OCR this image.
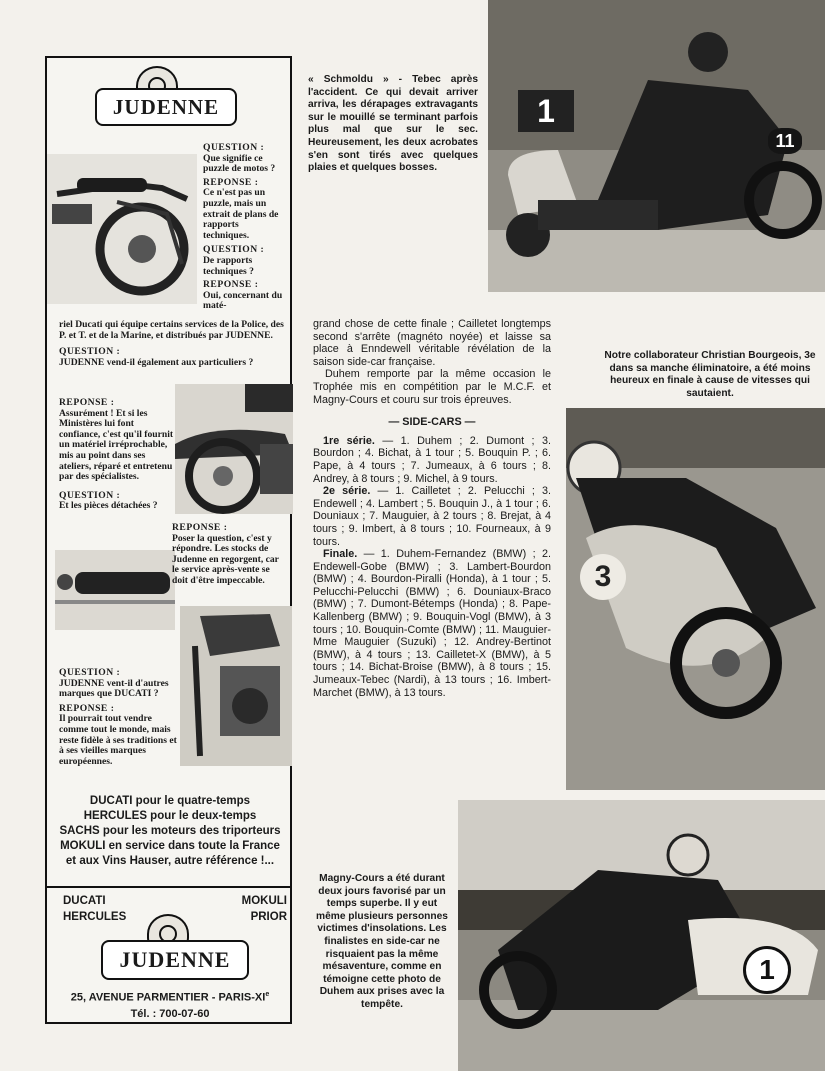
JUDENNE
QUESTION :
Que signifie ce puzzle de motos ?
REPONSE :
Ce n'est pas un puzzle, mais un extrait de plans de rapports techniques.
QUESTION :
De rapports techniques ?
REPONSE :
Oui, concernant du maté-
riel Ducati qui équipe certains services de la Police, des P. et T. et de la Marine, et distribués par JUDENNE.
QUESTION :
JUDENNE vend-il également aux particuliers ?
REPONSE :
Assurément ! Et si les Ministères lui font confiance, c'est qu'il fournit un matériel irréprochable, mis au point dans ses ateliers, réparé et entretenu par des spécialistes.
QUESTION :
Et les pièces détachées ?
REPONSE :
Poser la question, c'est y répondre. Les stocks de Judenne en regorgent, car le service après-vente se doit d'être impeccable.
QUESTION :
JUDENNE vent-il d'autres marques que DUCATI ?
REPONSE :
Il pourrait tout vendre comme tout le monde, mais reste fidèle à ses traditions et à ses vieilles marques européennes.
DUCATI pour le quatre-temps
HERCULES pour le deux-temps
SACHS pour les moteurs des triporteurs MOKULI en service dans toute la France et aux Vins Hauser, autre référence !...
DUCATI
HERCULES
MOKULI
PRIOR
JUDENNE
25, AVENUE PARMENTIER - PARIS-XIe
Tél. : 700-07-60
« Schmoldu » - Tebec après l'accident. Ce qui devait arriver arriva, les dérapages extravagants sur le mouillé se terminant parfois plus mal que sur le sec. Heureusement, les deux acrobates s'en sont tirés avec quelques plaies et quelques bosses.
1
11

grand chose de cette finale ; Cailletet longtemps second s'arrête (magnéto noyée) et laisse sa place à Enndewell véritable révélation de la saison side-car française.

Duhem remporte par la même occasion le Trophée mis en compétition par le M.C.F. et Magny-Cours et couru sur trois épreuves.

— SIDE-CARS —

1re série. — 1. Duhem ; 2. Dumont ; 3. Bourdon ; 4. Bichat, à 1 tour ; 5. Bouquin P. ; 6. Pape, à 4 tours ; 7. Jumeaux, à 6 tours ; 8. Andrey, à 8 tours ; 9. Michel, à 9 tours.

2e série. — 1. Cailletet ; 2. Pelucchi ; 3. Endewell ; 4. Lambert ; 5. Bouquin J., à 1 tour ; 6. Douniaux ; 7. Mauguier, à 2 tours ; 8. Brejat, à 4 tours ; 9. Imbert, à 8 tours ; 10. Fourneaux, à 9 tours.

Finale. — 1. Duhem-Fernandez (BMW) ; 2. Endewell-Gobe (BMW) ; 3. Lambert-Bourdon (BMW) ; 4. Bourdon-Piralli (Honda), à 1 tour ; 5. Pelucchi-Pelucchi (BMW) ; 6. Douniaux-Braco (BMW) ; 7. Dumont-Bétemps (Honda) ; 8. Pape-Kallenberg (BMW) ; 9. Bouquin-Vogl (BMW), à 3 tours ; 10. Bouquin-Comte (BMW) ; 11. Mauguier-Mme Mauguier (Suzuki) ; 12. Andrey-Bertinot (BMW), à 4 tours ; 13. Cailletet-X (BMW), à 5 tours ; 14. Bichat-Broise (BMW), à 8 tours ; 15. Jumeaux-Tebec (Nardi), à 13 tours ; 16. Imbert-Marchet (BMW), à 13 tours.

Notre collaborateur Christian Bourgeois, 3e dans sa manche éliminatoire, a été moins heureux en finale à cause de vitesses qui sautaient.
3
Magny-Cours a été durant deux jours favorisé par un temps superbe. Il y eut même plusieurs personnes victimes d'insolations. Les finalistes en side-car ne risquaient pas la même mésaventure, comme en témoigne cette photo de Duhem aux prises avec la tempête.
1
